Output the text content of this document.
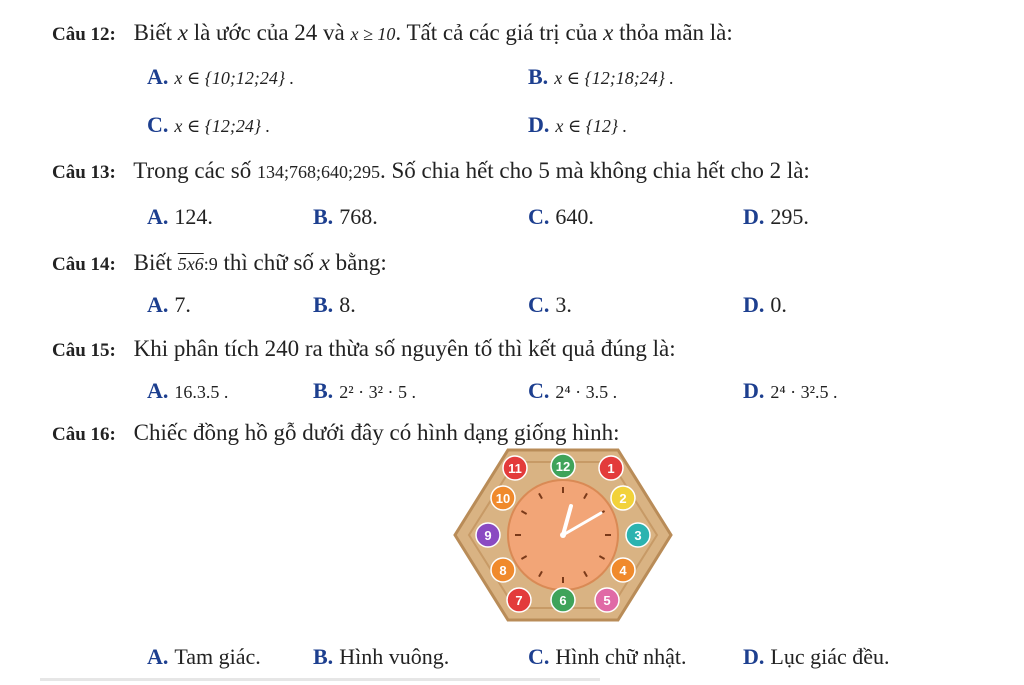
Câu 12: Biết x là ước của 24 và x ≥ 10. Tất cả các giá trị của x thỏa mãn là:
A. x ∈ {10;12;24} .	B. x ∈ {12;18;24} .
C. x ∈ {12;24} .	D. x ∈ {12} .
Câu 13: Trong các số 134;768;640;295. Số chia hết cho 5 mà không chia hết cho 2 là:
A. 124.	B. 768.	C. 640.	D. 295.
Câu 14: Biết 5x6:9 thì chữ số x bằng:
A. 7.	B. 8.	C. 3.	D. 0.
Câu 15: Khi phân tích 240 ra thừa số nguyên tố thì kết quả đúng là:
A. 16.3.5 .	B. 2² · 3² · 5 .	C. 2⁴ · 3.5 .	D. 2⁴ · 3².5 .
Câu 16: Chiếc đồng hồ gỗ dưới đây có hình dạng giống hình:
11	12	1
2
3
4
5
6
7
8
9
10
A. Tam giác. B. Hình vuông.	C. Hình chữ nhật.	D. Lục giác đều.
